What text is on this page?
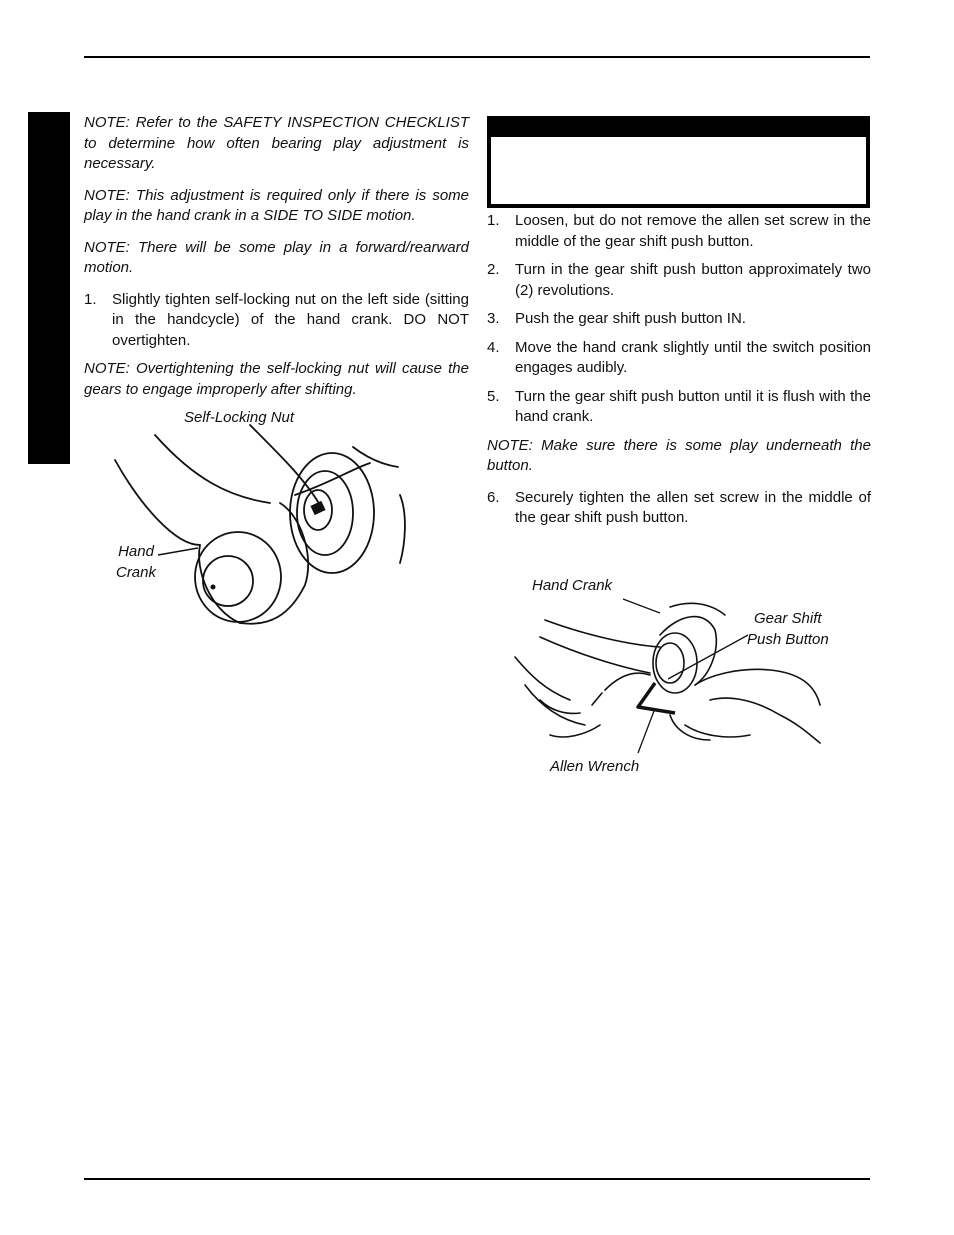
NOTE: Refer to the SAFETY INSPECTION CHECKLIST to determine how often bearing play adjustment is necessary.

NOTE: This adjustment is required only if there is some play in the hand crank in a SIDE TO SIDE motion.

NOTE: There will be some play in a forward/rearward motion.

1.	Slightly tighten self-locking nut on the left side (sitting in the handcycle) of the hand crank. DO NOT overtighten.

NOTE: Overtightening the self-locking nut will cause the gears to engage improperly after shifting.

Self-Locking Nut
Hand Crank
1.	Loosen, but do not remove the allen set screw in the middle of the gear shift push button.
2.	Turn in the gear shift push button approximately two (2) revolutions.
3.	Push the gear shift push button IN.
4.	Move the hand crank slightly until the switch position engages audibly.
5.	Turn the gear shift push button until it is flush with the hand crank.

NOTE: Make sure there is some play underneath the button.

6.	Securely tighten the allen set screw in the middle of the gear shift push button.
Hand Crank
Gear Shift
Push Button
Allen Wrench
